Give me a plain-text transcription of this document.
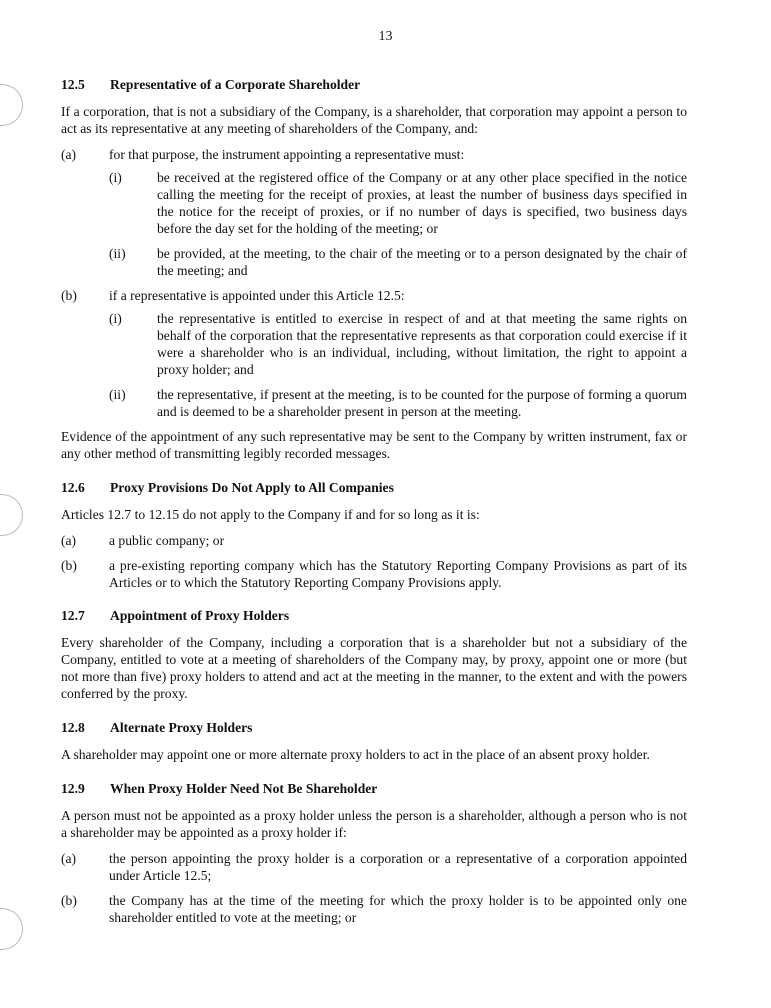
13
12.5	Representative of a Corporate Shareholder

If a corporation, that is not a subsidiary of the Company, is a shareholder, that corporation may appoint a person to act as its representative at any meeting of shareholders of the Company, and:

(a)	for that purpose, the instrument appointing a representative must:
(i)	be received at the registered office of the Company or at any other place specified in the notice calling the meeting for the receipt of proxies, at least the number of business days specified in the notice for the receipt of proxies, or if no number of days is specified, two business days before the day set for the holding of the meeting; or
(ii)	be provided, at the meeting, to the chair of the meeting or to a person designated by the chair of the meeting; and
(b)	if a representative is appointed under this Article 12.5:
(i)	the representative is entitled to exercise in respect of and at that meeting the same rights on behalf of the corporation that the representative represents as that corporation could exercise if it were a shareholder who is an individual, including, without limitation, the right to appoint a proxy holder; and
(ii)	the representative, if present at the meeting, is to be counted for the purpose of forming a quorum and is deemed to be a shareholder present in person at the meeting.

Evidence of the appointment of any such representative may be sent to the Company by written instrument, fax or any other method of transmitting legibly recorded messages.

12.6	Proxy Provisions Do Not Apply to All Companies

Articles 12.7 to 12.15 do not apply to the Company if and for so long as it is:

(a)	a public company; or
(b)	a pre-existing reporting company which has the Statutory Reporting Company Provisions as part of its Articles or to which the Statutory Reporting Company Provisions apply.
12.7	Appointment of Proxy Holders

Every shareholder of the Company, including a corporation that is a shareholder but not a subsidiary of the Company, entitled to vote at a meeting of shareholders of the Company may, by proxy, appoint one or more (but not more than five) proxy holders to attend and act at the meeting in the manner, to the extent and with the powers conferred by the proxy.

12.8	Alternate Proxy Holders

A shareholder may appoint one or more alternate proxy holders to act in the place of an absent proxy holder.

12.9	When Proxy Holder Need Not Be Shareholder

A person must not be appointed as a proxy holder unless the person is a shareholder, although a person who is not a shareholder may be appointed as a proxy holder if:

(a)	the person appointing the proxy holder is a corporation or a representative of a corporation appointed under Article 12.5;
(b)	the Company has at the time of the meeting for which the proxy holder is to be appointed only one shareholder entitled to vote at the meeting; or
